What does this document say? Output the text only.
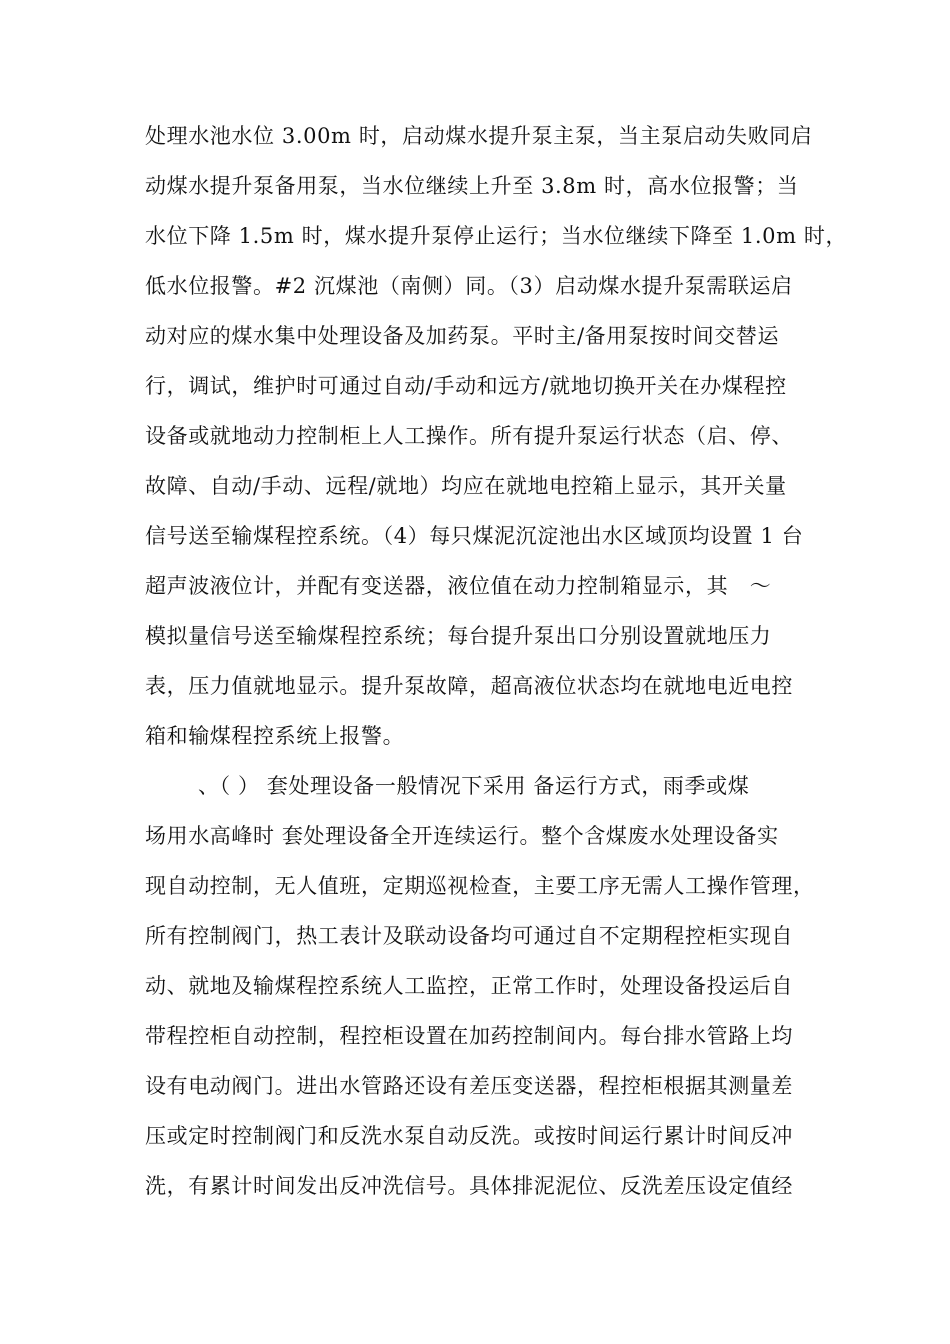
处理水池水位 3.00m 时，启动煤水提升泵主泵，当主泵启动失败同启
动煤水提升泵备用泵，当水位继续上升至 3.8m 时，高水位报警；当
水位下降 1.5m 时，煤水提升泵停止运行；当水位继续下降至 1.0m 时，
低水位报警。#2 沉煤池（南侧）同。（3）启动煤水提升泵需联运启
动对应的煤水集中处理设备及加药泵。平时主/备用泵按时间交替运
行，调试，维护时可通过自动/手动和远方/就地切换开关在办煤程控
设备或就地动力控制柜上人工操作。所有提升泵运行状态（启、停、
故障、自动/手动、远程/就地）均应在就地电控箱上显示，其开关量
信号送至输煤程控系统。（4）每只煤泥沉淀池出水区域顶均设置 1 台
超声波液位计，并配有变送器，液位值在动力控制箱显示，其　～
模拟量信号送至输煤程控系统；每台提升泵出口分别设置就地压力
表，压力值就地显示。提升泵故障，超高液位状态均在就地电近电控
箱和输煤程控系统上报警。
、（ ） 套处理设备一般情况下采用 备运行方式，雨季或煤
场用水高峰时 套处理设备全开连续运行。整个含煤废水处理设备实
现自动控制，无人值班，定期巡视检查，主要工序无需人工操作管理，
所有控制阀门，热工表计及联动设备均可通过自不定期程控柜实现自
动、就地及输煤程控系统人工监控，正常工作时，处理设备投运后自
带程控柜自动控制，程控柜设置在加药控制间内。每台排水管路上均
设有电动阀门。进出水管路还设有差压变送器，程控柜根据其测量差
压或定时控制阀门和反洗水泵自动反洗。或按时间运行累计时间反冲
洗，有累计时间发出反冲洗信号。具体排泥泥位、反洗差压设定值经
